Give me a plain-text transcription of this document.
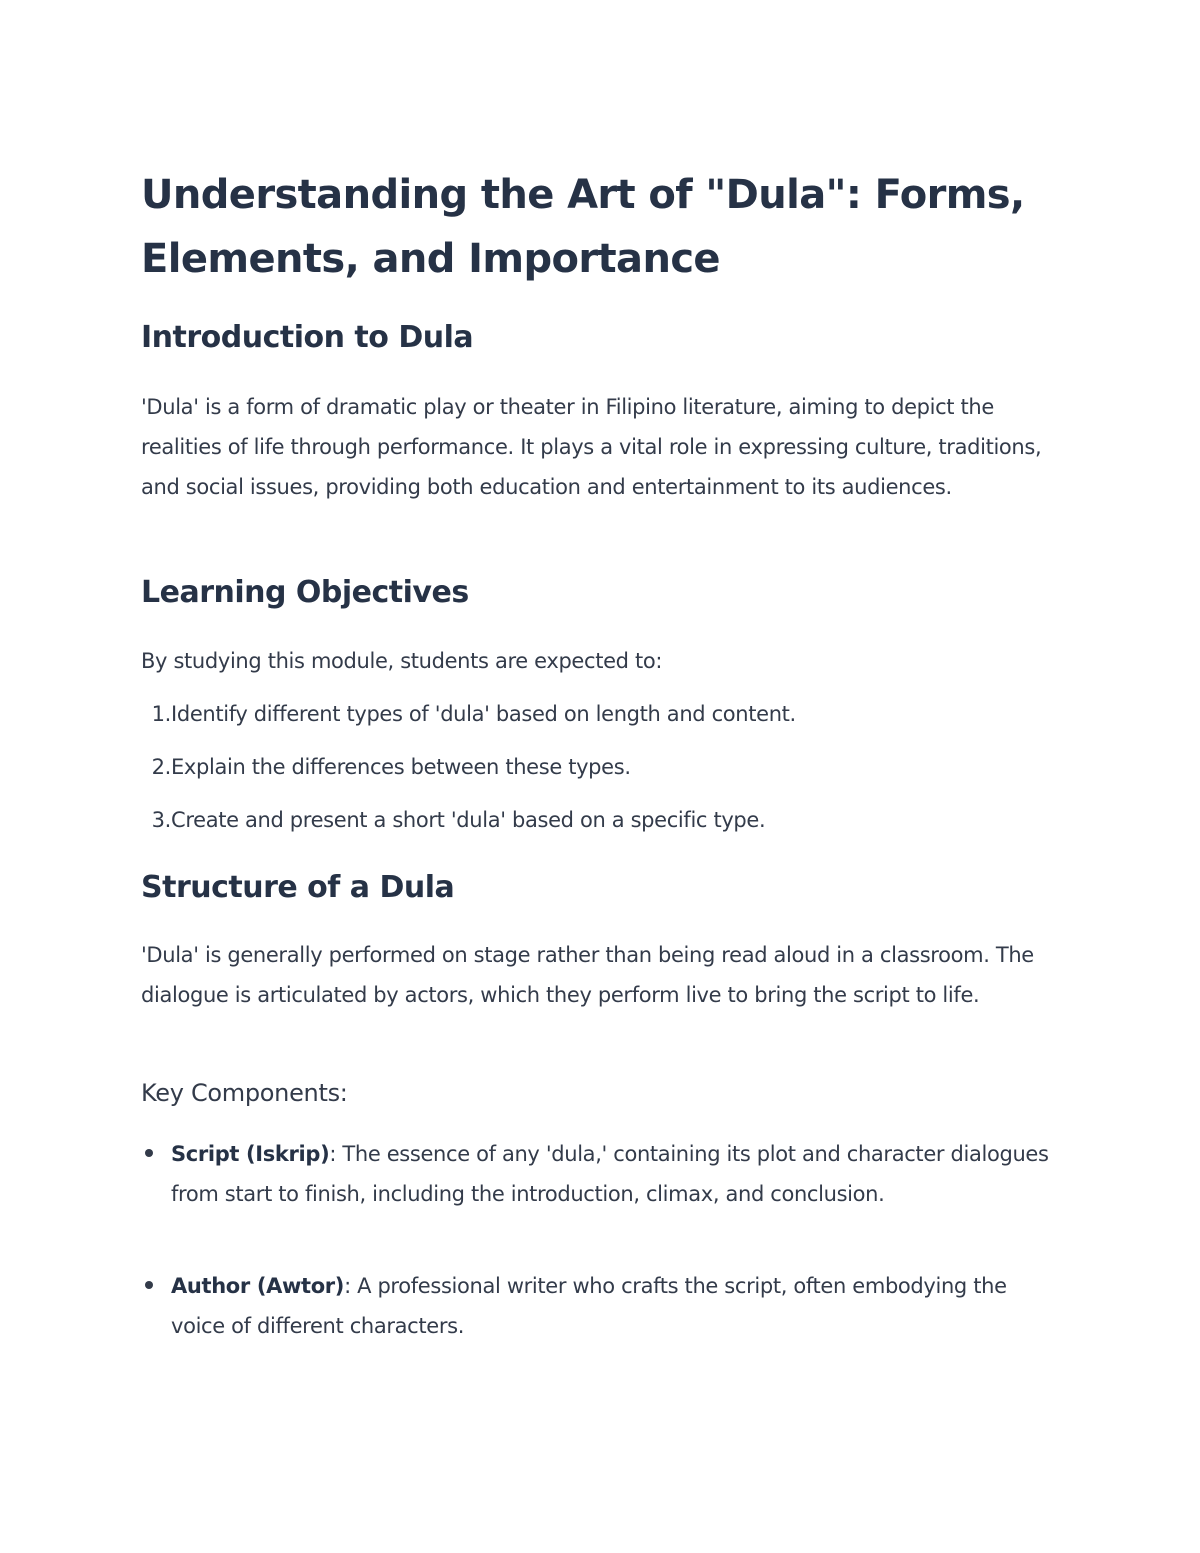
Understanding the Art of "Dula": Forms, Elements, and Importance
Introduction to Dula

'Dula' is a form of dramatic play or theater in Filipino literature, aiming to depict the realities of life through performance. It plays a vital role in expressing culture, traditions, and social issues, providing both education and entertainment to its audiences.

Learning Objectives

By studying this module, students are expected to:

1. Identify different types of 'dula' based on length and content.
2. Explain the differences between these types.
3. Create and present a short 'dula' based on a specific type.
Structure of a Dula

'Dula' is generally performed on stage rather than being read aloud in a classroom. The dialogue is articulated by actors, which they perform live to bring the script to life.

Key Components:
Script (Iskrip): The essence of any 'dula,' containing its plot and character dialogues from start to finish, including the introduction, climax, and conclusion.
Author (Awtor): A professional writer who crafts the script, often embodying the voice of different characters.
